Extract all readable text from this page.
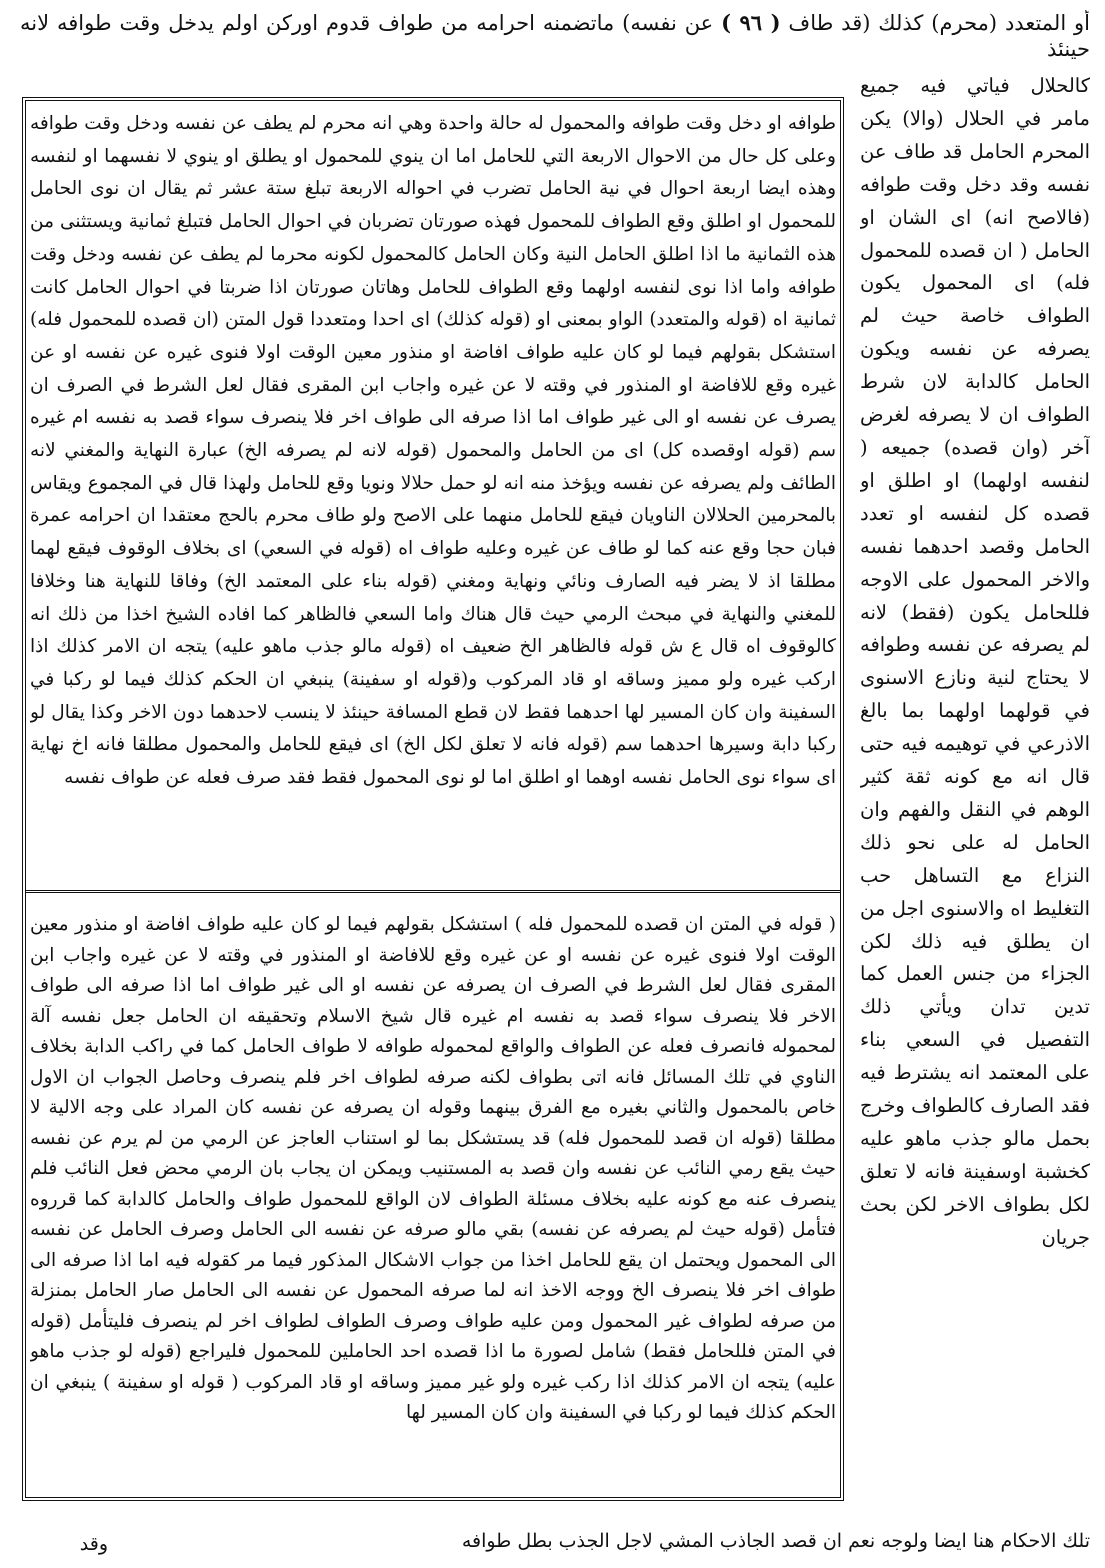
أو المتعدد (محرم) كذلك (قد طاف ( ٩٦ ) عن نفسه) ماتضمنه احرامه من طواف قدوم اوركن اولم يدخل وقت طوافه لانه حينئذ
كالحلال فياتي فيه جميع مامر في الحلال (والا) يكن المحرم الحامل قد طاف عن نفسه وقد دخل وقت طوافه (فالاصح انه) اى الشان او الحامل ( ان قصده للمحمول فله) اى المحمول يكون الطواف خاصة حيث لم يصرفه عن نفسه ويكون الحامل كالدابة لان شرط الطواف ان لا يصرفه لغرض آخر (وان قصده) جميعه ( لنفسه اولهما) او اطلق او قصده كل لنفسه او تعدد الحامل وقصد احدهما نفسه والاخر المحمول على الاوجه فللحامل يكون (فقط) لانه لم يصرفه عن نفسه وطوافه لا يحتاج لنية ونازع الاسنوى في قولهما اولهما بما بالغ الاذرعي في توهيمه فيه حتى قال انه مع كونه ثقة كثير الوهم في النقل والفهم وان الحامل له على نحو ذلك النزاع مع التساهل حب التغليط اه والاسنوى اجل من ان يطلق فيه ذلك لكن الجزاء من جنس العمل كما تدين تدان ويأتي ذلك التفصيل في السعي بناء على المعتمد انه يشترط فيه فقد الصارف كالطواف وخرج بحمل مالو جذب ماهو عليه كخشبة اوسفينة فانه لا تعلق لكل بطواف الاخر لكن بحث جريان
طوافه او دخل وقت طوافه والمحمول له حالة واحدة وهي انه محرم لم يطف عن نفسه ودخل وقت طوافه وعلى كل حال من الاحوال الاربعة التي للحامل اما ان ينوي للمحمول او يطلق او ينوي لا نفسهما او لنفسه وهذه ايضا اربعة احوال في نية الحامل تضرب في احواله الاربعة تبلغ ستة عشر ثم يقال ان نوى الحامل للمحمول او اطلق وقع الطواف للمحمول فهذه صورتان تضربان في احوال الحامل فتبلغ ثمانية ويستثنى من هذه الثمانية ما اذا اطلق الحامل النية وكان الحامل كالمحمول لكونه محرما لم يطف عن نفسه ودخل وقت طوافه واما اذا نوى لنفسه اولهما وقع الطواف للحامل وهاتان صورتان اذا ضربتا في احوال الحامل كانت ثمانية اه (قوله والمتعدد) الواو بمعنى او (قوله كذلك) اى احدا ومتعددا قول المتن (ان قصده للمحمول فله) استشكل بقولهم فيما لو كان عليه طواف افاضة او منذور معين الوقت اولا فنوى غيره عن نفسه او عن غيره وقع للافاضة او المنذور في وقته لا عن غيره واجاب ابن المقرى فقال لعل الشرط في الصرف ان يصرف عن نفسه او الى غير طواف اما اذا صرفه الى طواف اخر فلا ينصرف سواء قصد به نفسه ام غيره سم (قوله اوقصده كل) اى من الحامل والمحمول (قوله لانه لم يصرفه الخ) عبارة النهاية والمغني لانه الطائف ولم يصرفه عن نفسه ويؤخذ منه انه لو حمل حلالا ونويا وقع للحامل ولهذا قال في المجموع ويقاس بالمحرمين الحلالان الناويان فيقع للحامل منهما على الاصح ولو طاف محرم بالحج معتقدا ان احرامه عمرة فبان حجا وقع عنه كما لو طاف عن غيره وعليه طواف اه (قوله في السعي) اى بخلاف الوقوف فيقع لهما مطلقا اذ لا يضر فيه الصارف ونائي ونهاية ومغني (قوله بناء على المعتمد الخ) وفاقا للنهاية هنا وخلافا للمغني والنهاية في مبحث الرمي حيث قال هناك واما السعي فالظاهر كما افاده الشيخ اخذا من ذلك انه كالوقوف اه قال ع ش قوله فالظاهر الخ ضعيف اه (قوله مالو جذب ماهو عليه) يتجه ان الامر كذلك اذا اركب غيره ولو مميز وساقه او قاد المركوب و(قوله او سفينة) ينبغي ان الحكم كذلك فيما لو ركبا في السفينة وان كان المسير لها احدهما فقط لان قطع المسافة حينئذ لا ينسب لاحدهما دون الاخر وكذا يقال لو ركبا دابة وسيرها احدهما سم (قوله فانه لا تعلق لكل الخ) اى فيقع للحامل والمحمول مطلقا فانه اخ نهاية اى سواء نوى الحامل نفسه اوهما او اطلق اما لو نوى المحمول فقط فقد صرف فعله عن طواف نفسه
( قوله في المتن ان قصده للمحمول فله ) استشكل بقولهم فيما لو كان عليه طواف افاضة او منذور معين الوقت اولا فنوى غيره عن نفسه او عن غيره وقع للافاضة او المنذور في وقته لا عن غيره واجاب ابن المقرى فقال لعل الشرط في الصرف ان يصرفه عن نفسه او الى غير طواف اما اذا صرفه الى طواف الاخر فلا ينصرف سواء قصد به نفسه ام غيره قال شيخ الاسلام وتحقيقه ان الحامل جعل نفسه آلة لمحموله فانصرف فعله عن الطواف والواقع لمحموله طوافه لا طواف الحامل كما في راكب الدابة بخلاف الناوي في تلك المسائل فانه اتى بطواف لكنه صرفه لطواف اخر فلم ينصرف وحاصل الجواب ان الاول خاص بالمحمول والثاني بغيره مع الفرق بينهما وقوله ان يصرفه عن نفسه كان المراد على وجه الالية لا مطلقا (قوله ان قصد للمحمول فله) قد يستشكل بما لو استناب العاجز عن الرمي من لم يرم عن نفسه حيث يقع رمي النائب عن نفسه وان قصد به المستنيب ويمكن ان يجاب بان الرمي محض فعل النائب فلم ينصرف عنه مع كونه عليه بخلاف مسئلة الطواف لان الواقع للمحمول طواف والحامل كالدابة كما قرروه فتأمل (قوله حيث لم يصرفه عن نفسه) بقي مالو صرفه عن نفسه الى الحامل وصرف الحامل عن نفسه الى المحمول ويحتمل ان يقع للحامل اخذا من جواب الاشكال المذكور فيما مر كقوله فيه اما اذا صرفه الى طواف اخر فلا ينصرف الخ ووجه الاخذ انه لما صرفه المحمول عن نفسه الى الحامل صار الحامل بمنزلة من صرفه لطواف غير المحمول ومن عليه طواف وصرف الطواف لطواف اخر لم ينصرف فليتأمل (قوله في المتن فللحامل فقط) شامل لصورة ما اذا قصده احد الحاملين للمحمول فليراجع (قوله لو جذب ماهو عليه) يتجه ان الامر كذلك اذا ركب غيره ولو غير مميز وساقه او قاد المركوب ( قوله او سفينة ) ينبغي ان الحكم كذلك فيما لو ركبا في السفينة وان كان المسير لها
تلك الاحكام هنا ايضا ولوجه نعم ان قصد الجاذب المشي لاجل الجذب بطل طوافه
وقد
